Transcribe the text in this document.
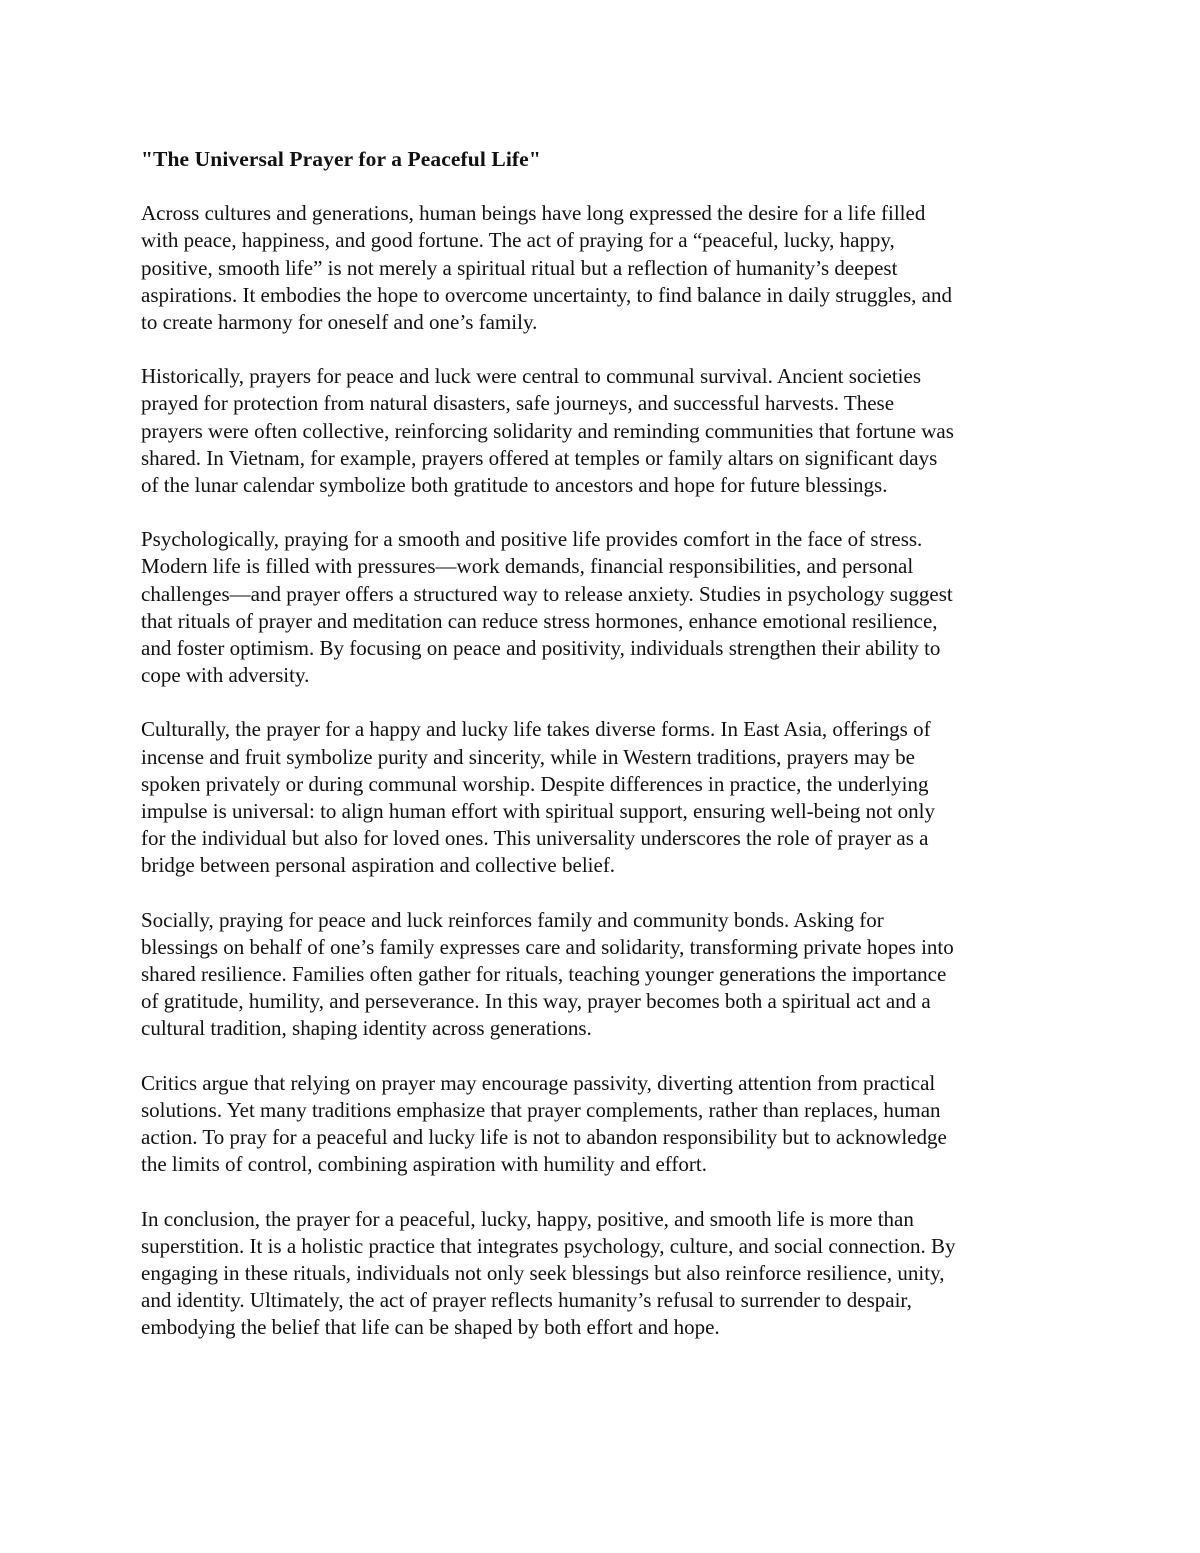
"The Universal Prayer for a Peaceful Life"
Across cultures and generations, human beings have long expressed the desire for a life filled
with peace, happiness, and good fortune. The act of praying for a “peaceful, lucky, happy,
positive, smooth life” is not merely a spiritual ritual but a reflection of humanity’s deepest
aspirations. It embodies the hope to overcome uncertainty, to find balance in daily struggles, and
to create harmony for oneself and one’s family.
Historically, prayers for peace and luck were central to communal survival. Ancient societies
prayed for protection from natural disasters, safe journeys, and successful harvests. These
prayers were often collective, reinforcing solidarity and reminding communities that fortune was
shared. In Vietnam, for example, prayers offered at temples or family altars on significant days
of the lunar calendar symbolize both gratitude to ancestors and hope for future blessings.
Psychologically, praying for a smooth and positive life provides comfort in the face of stress.
Modern life is filled with pressures—work demands, financial responsibilities, and personal
challenges—and prayer offers a structured way to release anxiety. Studies in psychology suggest
that rituals of prayer and meditation can reduce stress hormones, enhance emotional resilience,
and foster optimism. By focusing on peace and positivity, individuals strengthen their ability to
cope with adversity.
Culturally, the prayer for a happy and lucky life takes diverse forms. In East Asia, offerings of
incense and fruit symbolize purity and sincerity, while in Western traditions, prayers may be
spoken privately or during communal worship. Despite differences in practice, the underlying
impulse is universal: to align human effort with spiritual support, ensuring well-being not only
for the individual but also for loved ones. This universality underscores the role of prayer as a
bridge between personal aspiration and collective belief.
Socially, praying for peace and luck reinforces family and community bonds. Asking for
blessings on behalf of one’s family expresses care and solidarity, transforming private hopes into
shared resilience. Families often gather for rituals, teaching younger generations the importance
of gratitude, humility, and perseverance. In this way, prayer becomes both a spiritual act and a
cultural tradition, shaping identity across generations.
Critics argue that relying on prayer may encourage passivity, diverting attention from practical
solutions. Yet many traditions emphasize that prayer complements, rather than replaces, human
action. To pray for a peaceful and lucky life is not to abandon responsibility but to acknowledge
the limits of control, combining aspiration with humility and effort.
In conclusion, the prayer for a peaceful, lucky, happy, positive, and smooth life is more than
superstition. It is a holistic practice that integrates psychology, culture, and social connection. By
engaging in these rituals, individuals not only seek blessings but also reinforce resilience, unity,
and identity. Ultimately, the act of prayer reflects humanity’s refusal to surrender to despair,
embodying the belief that life can be shaped by both effort and hope.
